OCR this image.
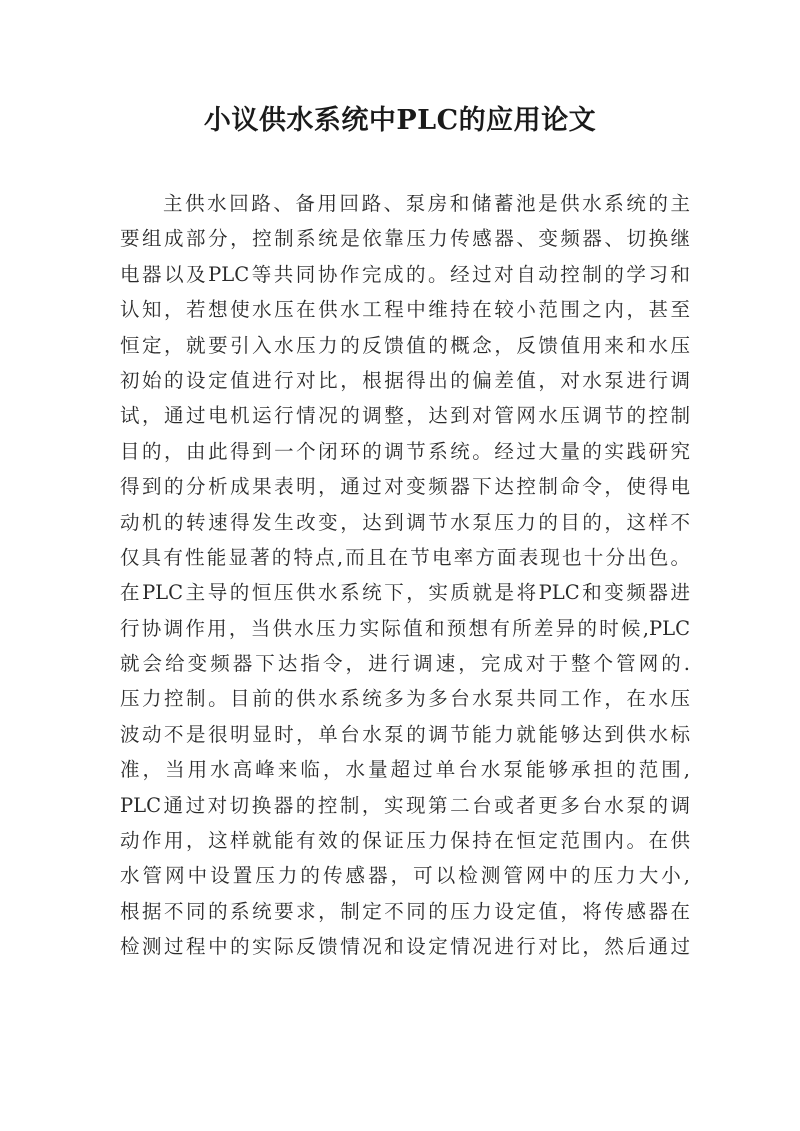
小议供水系统中PLC的应用论文
主供水回路、备用回路、泵房和储蓄池是供水系统的主
要组成部分，控制系统是依靠压力传感器、变频器、切换继
电器以及PLC等共同协作完成的。经过对自动控制的学习和
认知，若想使水压在供水工程中维持在较小范围之内，甚至
恒定，就要引入水压力的反馈值的概念，反馈值用来和水压
初始的设定值进行对比，根据得出的偏差值，对水泵进行调
试，通过电机运行情况的调整，达到对管网水压调节的控制
目的，由此得到一个闭环的调节系统。经过大量的实践研究
得到的分析成果表明，通过对变频器下达控制命令，使得电
动机的转速得发生改变，达到调节水泵压力的目的，这样不
仅具有性能显著的特点,而且在节电率方面表现也十分出色。
在PLC主导的恒压供水系统下，实质就是将PLC和变频器进
行协调作用，当供水压力实际值和预想有所差异的时候,PLC
就会给变频器下达指令，进行调速，完成对于整个管网的.
压力控制。目前的供水系统多为多台水泵共同工作，在水压
波动不是很明显时，单台水泵的调节能力就能够达到供水标
准，当用水高峰来临，水量超过单台水泵能够承担的范围,
PLC通过对切换器的控制，实现第二台或者更多台水泵的调
动作用，这样就能有效的保证压力保持在恒定范围内。在供
水管网中设置压力的传感器，可以检测管网中的压力大小,
根据不同的系统要求，制定不同的压力设定值，将传感器在
检测过程中的实际反馈情况和设定情况进行对比，然后通过
